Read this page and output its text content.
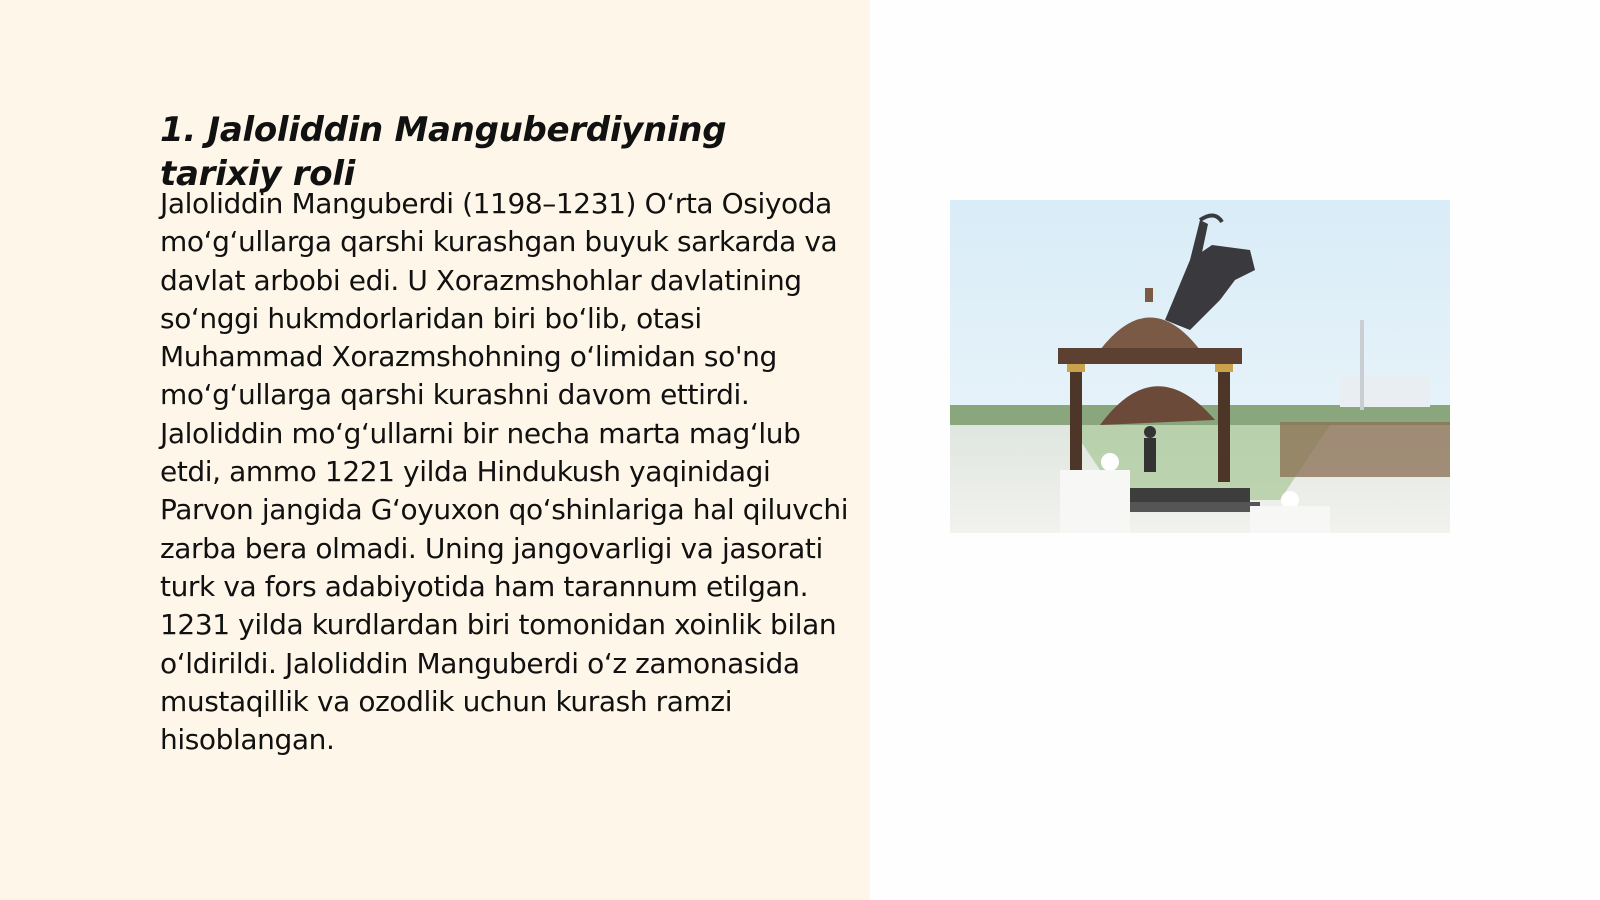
1. Jaloliddin Manguberdiyning tarixiy roli

Jaloliddin Manguberdi (1198–1231) O‘rta Osiyoda mo‘g‘ullarga qarshi kurashgan buyuk sarkarda va davlat arbobi edi. U Xorazmshohlar davlatining so‘nggi hukmdorlaridan biri bo‘lib, otasi Muhammad Xorazmshohning o‘limidan so'ng mo‘g‘ullarga qarshi kurashni davom ettirdi. Jaloliddin mo‘g‘ullarni bir necha marta mag‘lub etdi, ammo 1221 yilda Hindukush yaqinidagi Parvon jangida G‘oyuxon qo‘shinlariga hal qiluvchi zarba bera olmadi. Uning jangovarligi va jasorati turk va fors adabiyotida ham tarannum etilgan. 1231 yilda kurdlardan biri tomonidan xoinlik bilan o‘ldirildi. Jaloliddin Manguberdi o‘z zamonasida mustaqillik va ozodlik uchun kurash ramzi hisoblangan.
